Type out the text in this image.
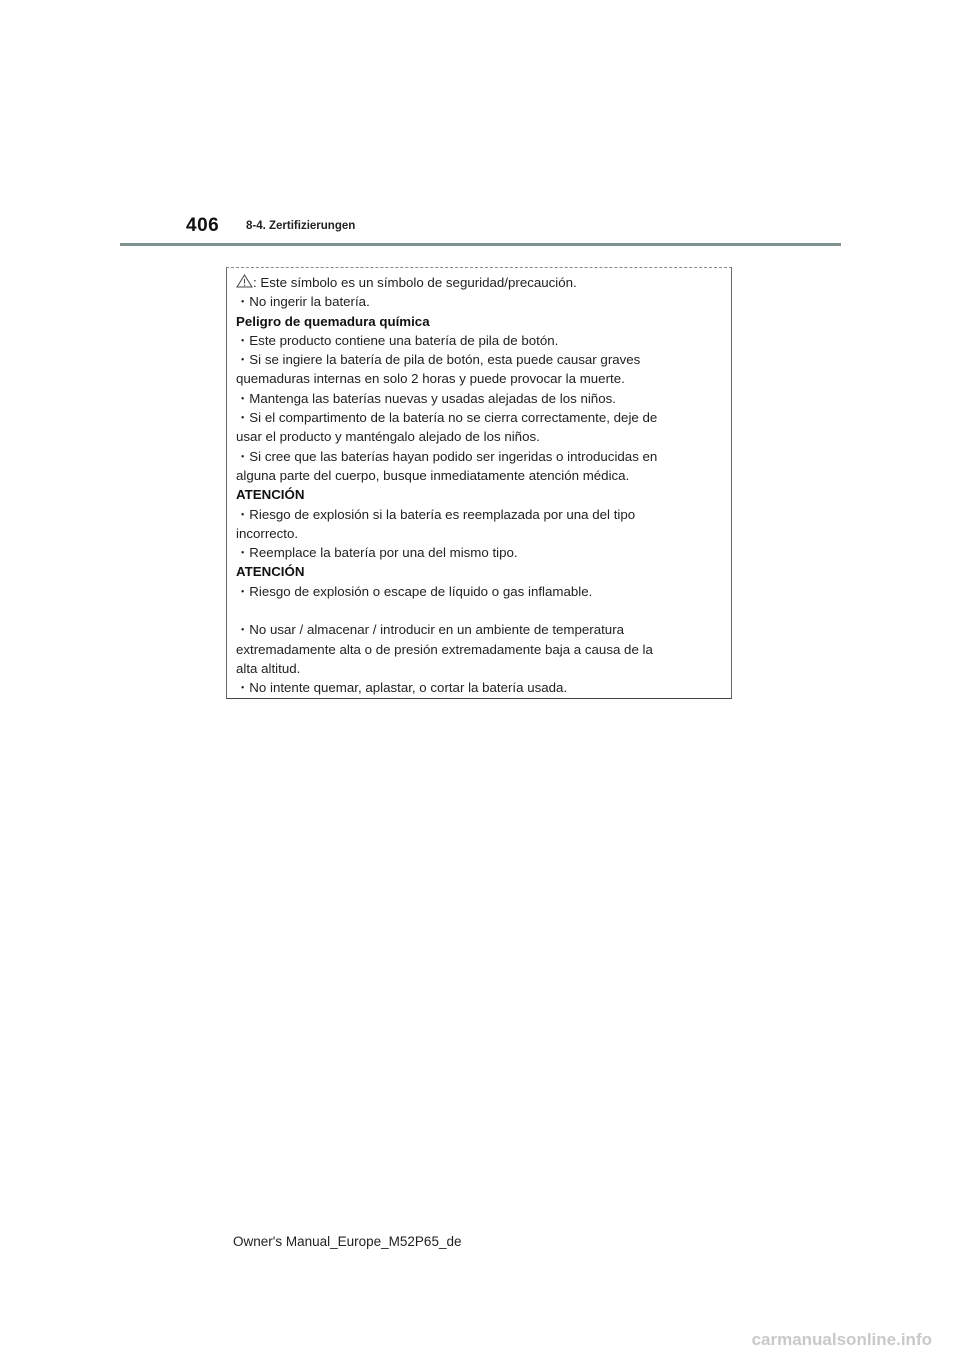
406 8-4. Zertifizierungen
: Este símbolo es un símbolo de seguridad/precaución.
・No ingerir la batería.
Peligro de quemadura química
・Este producto contiene una batería de pila de botón.
・Si se ingiere la batería de pila de botón, esta puede causar graves
quemaduras internas en solo 2 horas y puede provocar la muerte.
・Mantenga las baterías nuevas y usadas alejadas de los niños.
・Si el compartimento de la batería no se cierra correctamente, deje de
usar el producto y manténgalo alejado de los niños.
・Si cree que las baterías hayan podido ser ingeridas o introducidas en
alguna parte del cuerpo, busque inmediatamente atención médica.
ATENCIÓN
・Riesgo de explosión si la batería es reemplazada por una del tipo
incorrecto.
・Reemplace la batería por una del mismo tipo.
ATENCIÓN
・Riesgo de explosión o escape de líquido o gas inflamable.
・No usar / almacenar / introducir en un ambiente de temperatura
extremadamente alta o de presión extremadamente baja a causa de la
alta altitud.
・No intente quemar, aplastar, o cortar la batería usada.
Owner's Manual_Europe_M52P65_de
carmanualsonline.info
